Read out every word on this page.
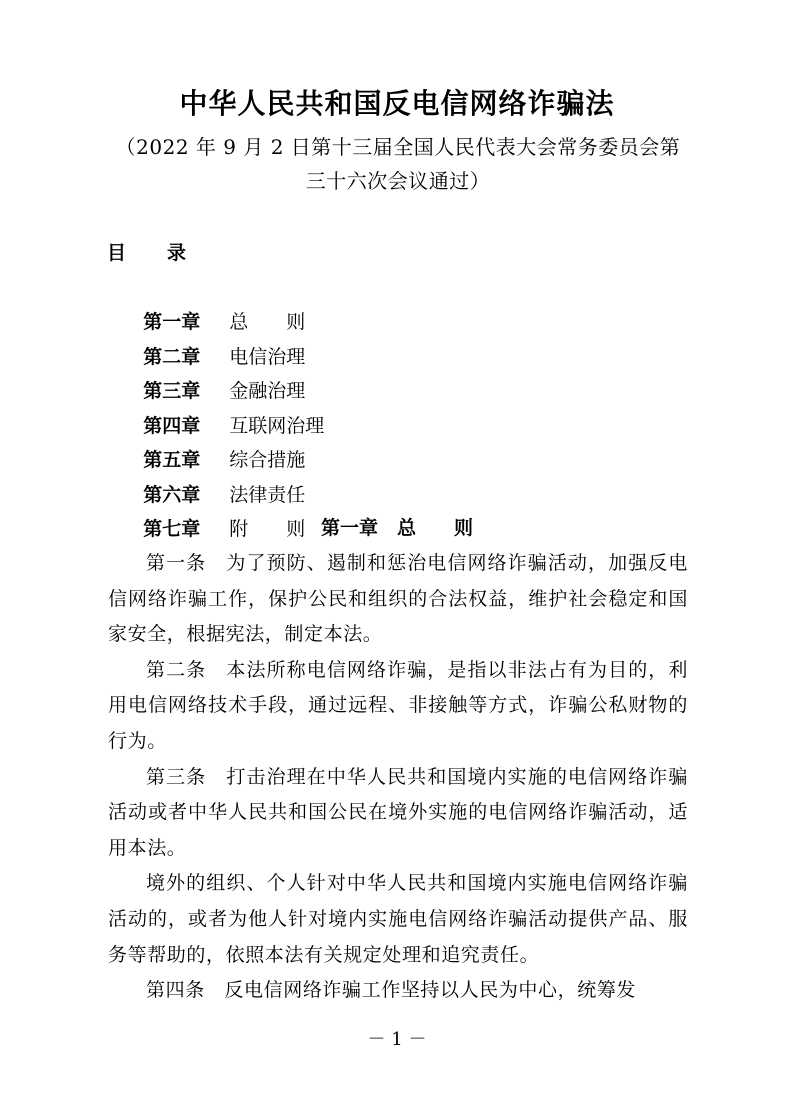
中华人民共和国反电信网络诈骗法
（2022 年 9 月 2 日第十三届全国人民代表大会常务委员会第三十六次会议通过）
目　　录

第一章 总　　则

第二章 电信治理

第三章 金融治理

第四章 互联网治理

第五章 综合措施

第六章 法律责任

第七章 附　　则
第一章　总　　则

第一条　 为了预防、遏制和惩治电信网络诈骗活动，加强反电信网络诈骗工作，保护公民和组织的合法权益，维护社会稳定和国家安全，根据宪法，制定本法。

第二条　 本法所称电信网络诈骗，是指以非法占有为目的，利用电信网络技术手段，通过远程、非接触等方式，诈骗公私财物的行为。

第三条　 打击治理在中华人民共和国境内实施的电信网络诈骗活动或者中华人民共和国公民在境外实施的电信网络诈骗活动，适用本法。

境外的组织、个人针对中华人民共和国境内实施电信网络诈骗活动的，或者为他人针对境内实施电信网络诈骗活动提供产品、服务等帮助的，依照本法有关规定处理和追究责任。

第四条　 反电信网络诈骗工作坚持以人民为中心，统筹发

－ 1 －
